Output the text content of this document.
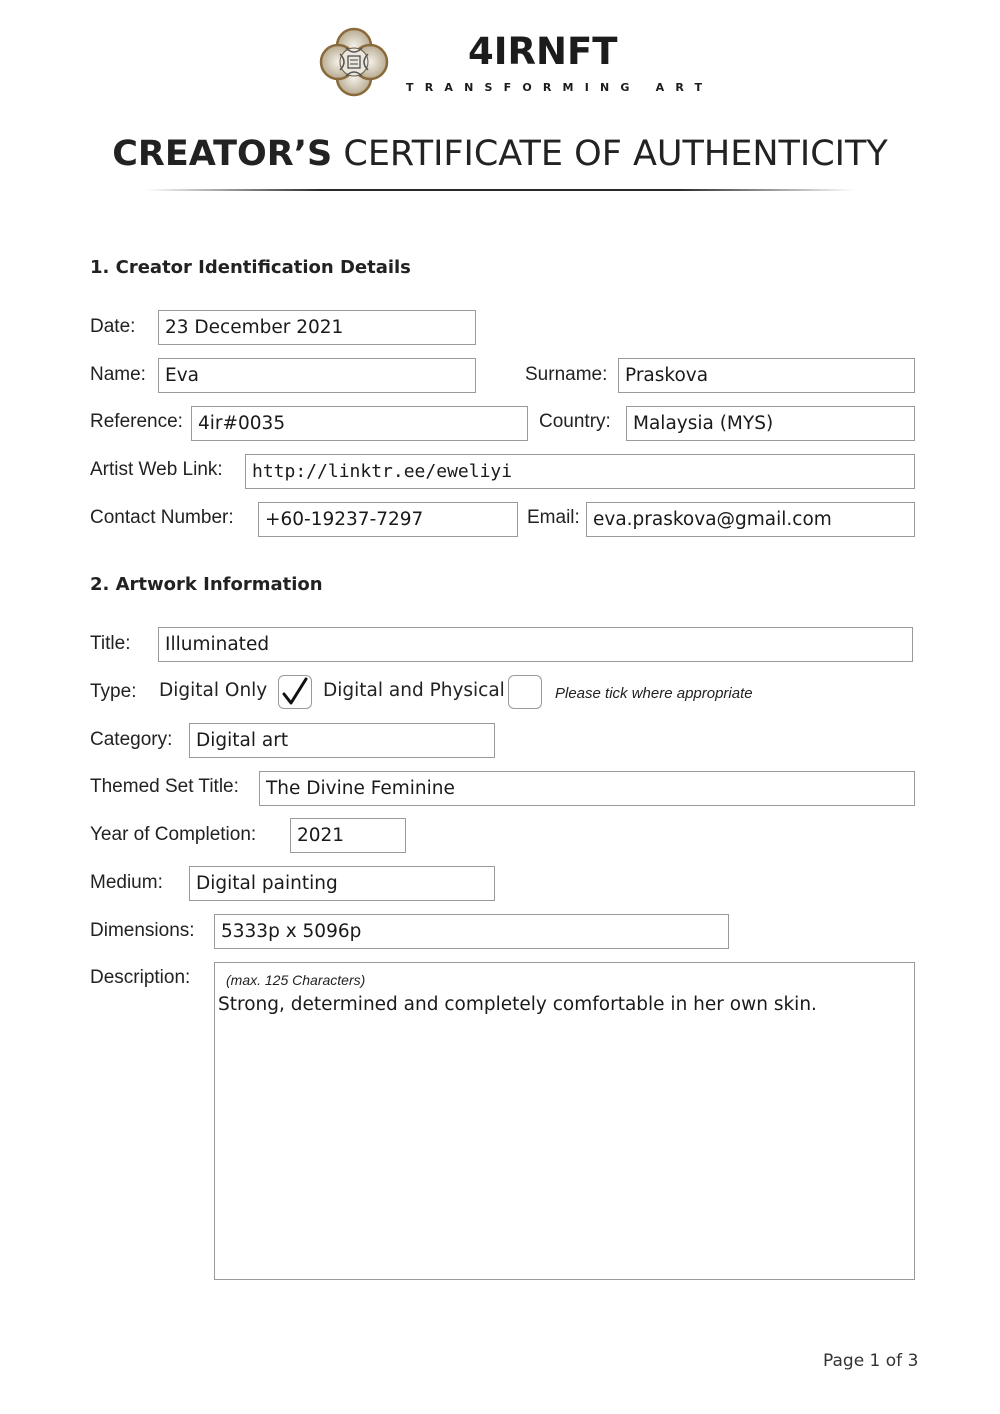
4IRNFT
TRANSFORMING ART
CREATOR’S CERTIFICATE OF AUTHENTICITY
1. Creator Identification Details
Date:	23 December 2021
Name:	Eva	Surname: Praskova
Reference: 4ir#0035	Country:	Malaysia (MYS)
Artist Web Link:	http://linktr.ee/eweliyi
Contact Number:	+60-19237-7297	Email: eva.praskova@gmail.com
2. Artwork Information
Title:	Illuminated
Type: Digital Only	Digital and Physical	Please tick where appropriate
Category:	Digital art
Themed Set Title:	The Divine Feminine
Year of Completion:	2021
Medium:	Digital painting
Dimensions:	5333p x 5096p
Description:	(max. 125 Characters)
Strong, determined and completely comfortable in her own skin.
Page 1 of 3
